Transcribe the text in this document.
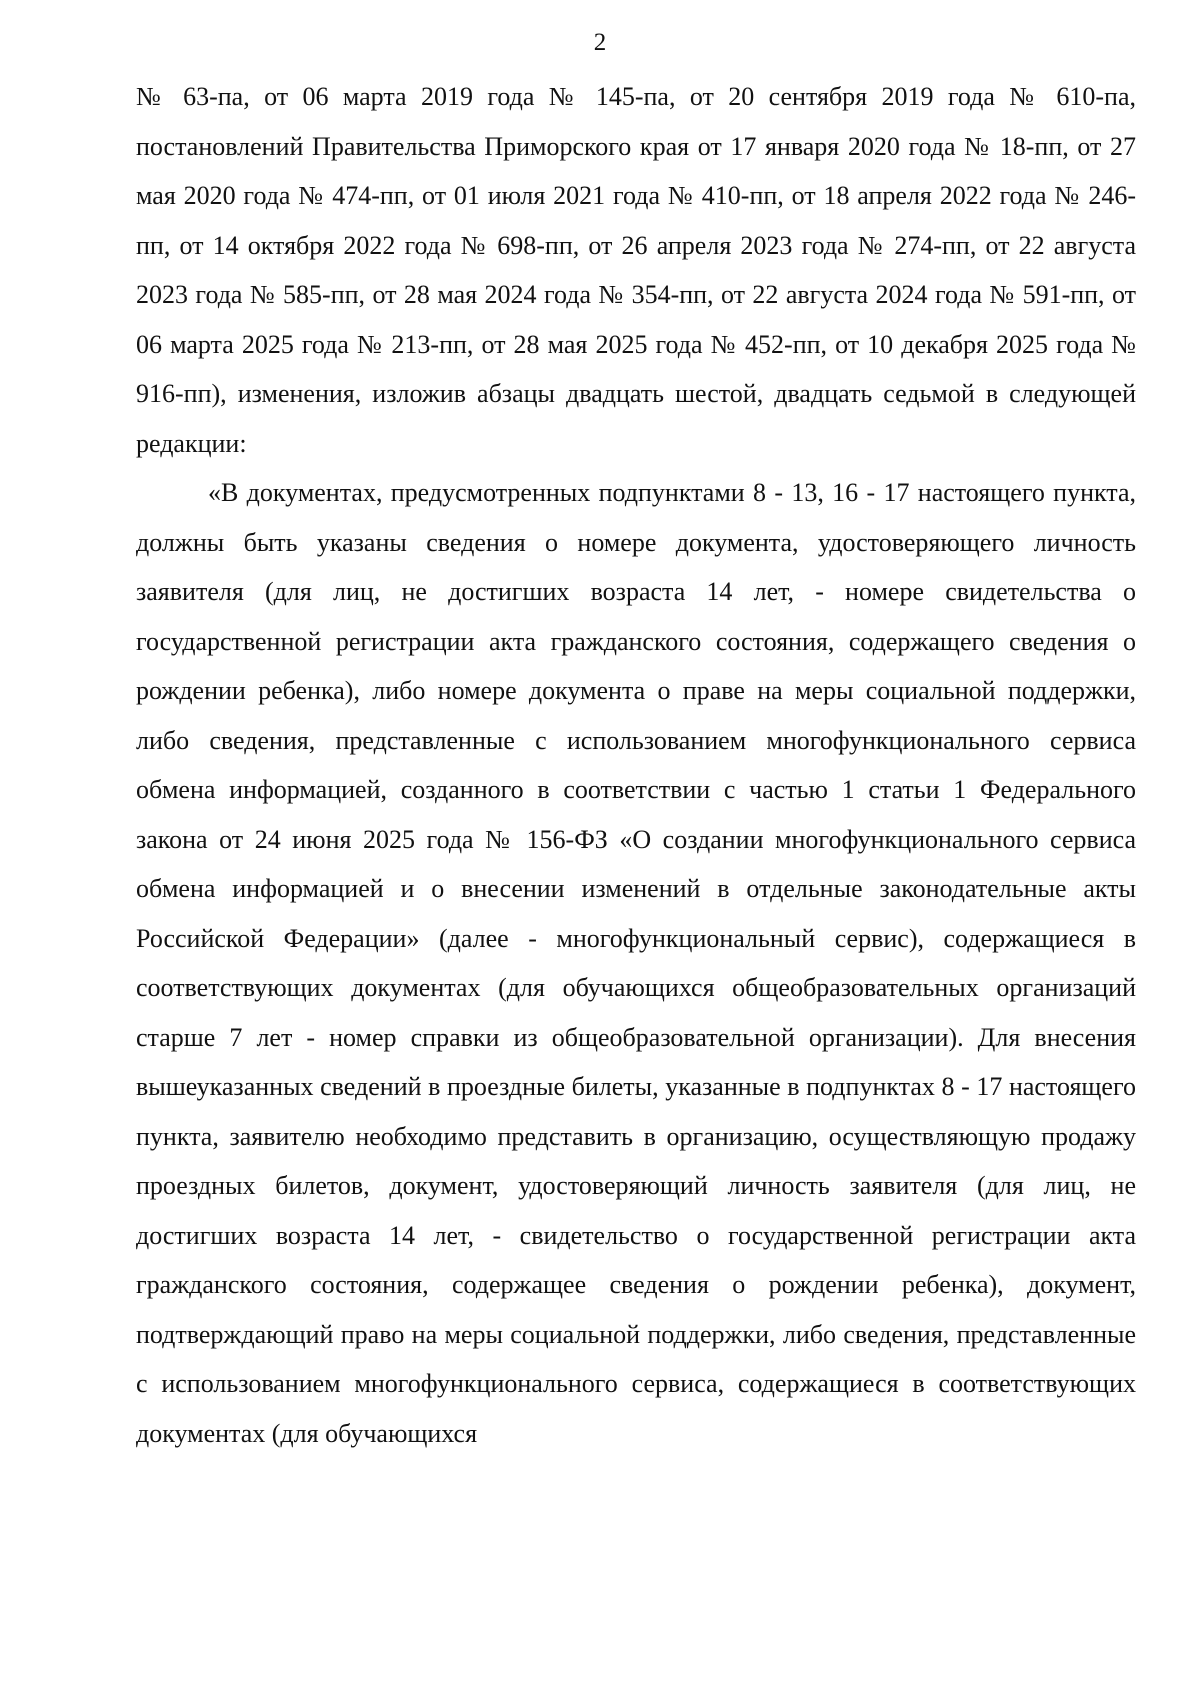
2

№ 63-па, от 06 марта 2019 года № 145-па, от 20 сентября 2019 года № 610-па, постановлений Правительства Приморского края от 17 января 2020 года № 18-пп, от 27 мая 2020 года № 474-пп, от 01 июля 2021 года № 410-пп, от 18 апреля 2022 года № 246-пп, от 14 октября 2022 года № 698-пп, от 26 апреля 2023 года № 274-пп, от 22 августа 2023 года № 585-пп, от 28 мая 2024 года № 354-пп, от 22 августа 2024 года № 591-пп, от 06 марта 2025 года № 213-пп, от 28 мая 2025 года № 452-пп, от 10 декабря 2025 года № 916-пп), изменения, изложив абзацы двадцать шестой, двадцать седьмой в следующей редакции:

«В документах, предусмотренных подпунктами 8 - 13, 16 - 17 настоящего пункта, должны быть указаны сведения о номере документа, удостоверяющего личность заявителя (для лиц, не достигших возраста 14 лет, - номере свидетельства о государственной регистрации акта гражданского состояния, содержащего сведения о рождении ребенка), либо номере документа о праве на меры социальной поддержки, либо сведения, представленные с использованием многофункционального сервиса обмена информацией, созданного в соответствии с частью 1 статьи 1 Федерального закона от 24 июня 2025 года № 156-ФЗ «О создании многофункционального сервиса обмена информацией и о внесении изменений в отдельные законодательные акты Российской Федерации» (далее - многофункциональный сервис), содержащиеся в соответствующих документах (для обучающихся общеобразовательных организаций старше 7 лет - номер справки из общеобразовательной организации). Для внесения вышеуказанных сведений в проездные билеты, указанные в подпунктах 8 - 17 настоящего пункта, заявителю необходимо представить в организацию, осуществляющую продажу проездных билетов, документ, удостоверяющий личность заявителя (для лиц, не достигших возраста 14 лет, - свидетельство о государственной регистрации акта гражданского состояния, содержащее сведения о рождении ребенка), документ, подтверждающий право на меры социальной поддержки, либо сведения, представленные с использованием многофункционального сервиса, содержащиеся в соответствующих документах (для обучающихся
